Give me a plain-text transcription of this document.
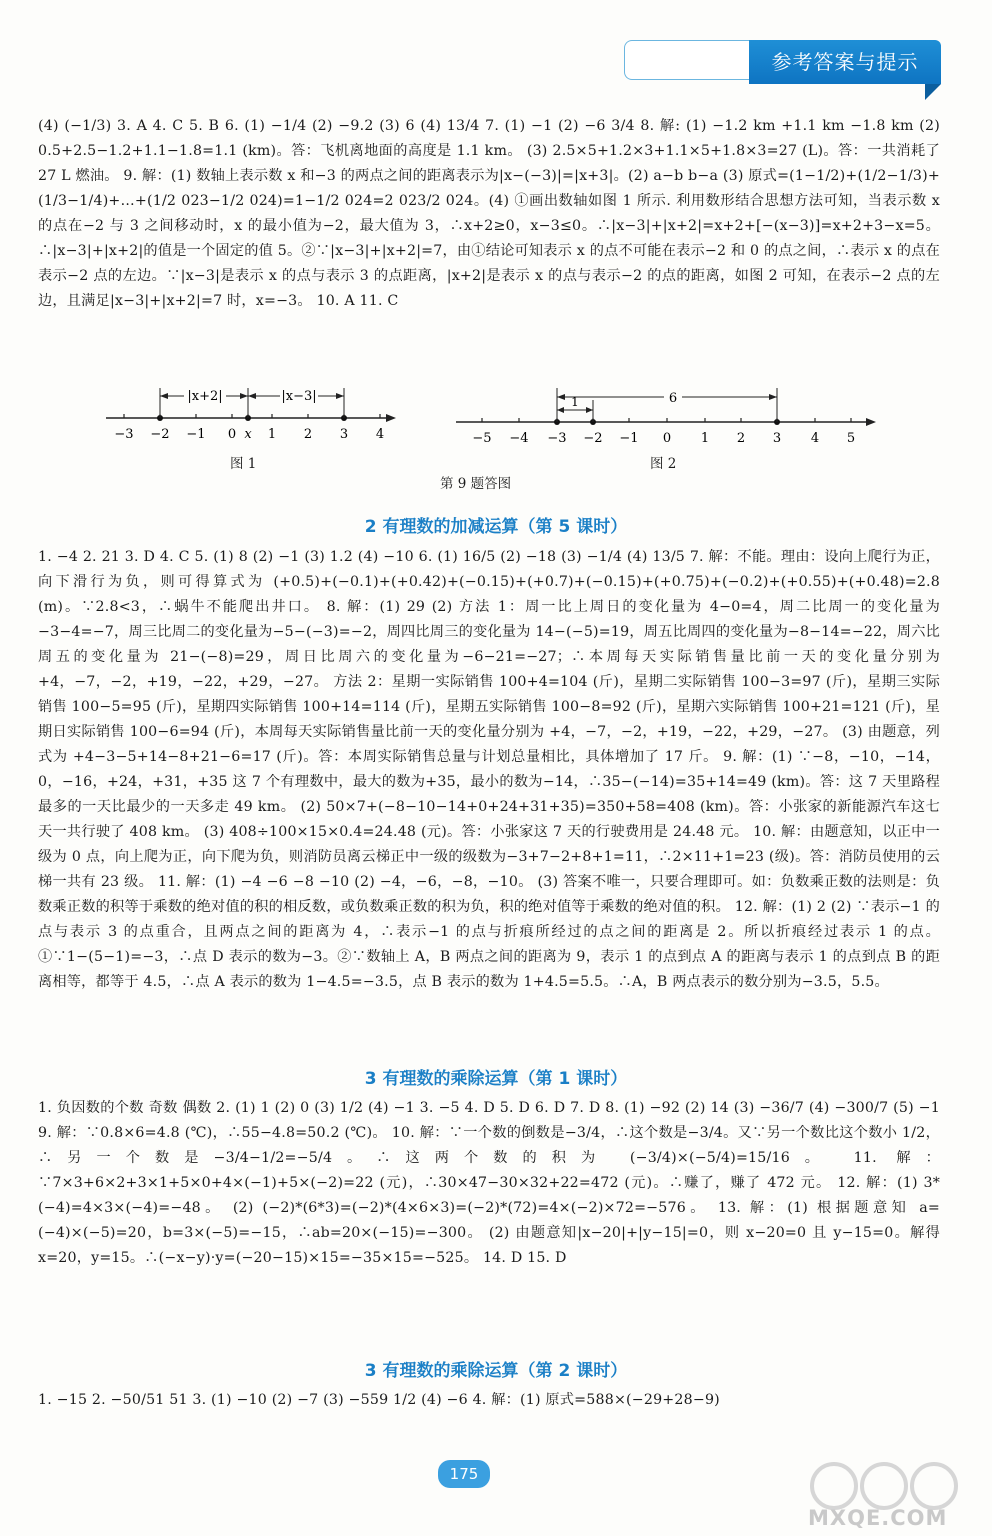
参考答案与提示

(4) (−1/3) 3. A 4. C 5. B 6. (1) −1/4 (2) −9.2 (3) 6 (4) 13/4 7. (1) −1 (2) −6 3/4 8. 解: (1) −1.2 km +1.1 km −1.8 km (2) 0.5+2.5−1.2+1.1−1.8=1.1 (km)。答：飞机离地面的高度是 1.1 km。 (3) 2.5×5+1.2×3+1.1×5+1.8×3=27 (L)。答：一共消耗了 27 L 燃油。 9. 解：(1) 数轴上表示数 x 和−3 的两点之间的距离表示为|x−(−3)|=|x+3|。(2) a−b b−a (3) 原式=(1−1/2)+(1/2−1/3)+(1/3−1/4)+…+(1/2 023−1/2 024)=1−1/2 024=2 023/2 024。(4) ①画出数轴如图 1 所示. 利用数形结合思想方法可知，当表示数 x 的点在−2 与 3 之间移动时，x 的最小值为−2，最大值为 3，∴x+2≥0，x−3≤0。∴|x−3|+|x+2|=x+2+[−(x−3)]=x+2+3−x=5。∴|x−3|+|x+2|的值是一个固定的值 5。②∵|x−3|+|x+2|=7，由①结论可知表示 x 的点不可能在表示−2 和 0 的点之间，∴表示 x 的点在表示−2 点的左边。∵|x−3|是表示 x 的点与表示 3 的点距离，|x+2|是表示 x 的点与表示−2 的点的距离，如图 2 可知，在表示−2 点的左边，且满足|x−3|+|x+2|=7 时，x=−3。 10. A 11. C

−3 −2 −1 0 x 1 2 3 4
|x+2|	|x−3|
−5 −4 −3 −2 −1 0 1 2 3 4 5
6
1
图 1	图 2
第 9 题答图
2 有理数的加减运算（第 5 课时）

1. −4 2. 21 3. D 4. C 5. (1) 8 (2) −1 (3) 1.2 (4) −10 6. (1) 16/5 (2) −18 (3) −1/4 (4) 13/5 7. 解：不能。理由：设向上爬行为正，向下滑行为负，则可得算式为 (+0.5)+(−0.1)+(+0.42)+(−0.15)+(+0.7)+(−0.15)+(+0.75)+(−0.2)+(+0.55)+(+0.48)=2.8 (m)。∵2.8<3，∴蜗牛不能爬出井口。 8. 解：(1) 29 (2) 方法 1：周一比上周日的变化量为 4−0=4，周二比周一的变化量为−3−4=−7，周三比周二的变化量为−5−(−3)=−2，周四比周三的变化量为 14−(−5)=19，周五比周四的变化量为−8−14=−22，周六比周五的变化量为 21−(−8)=29，周日比周六的变化量为−6−21=−27；∴本周每天实际销售量比前一天的变化量分别为 +4，−7，−2，+19，−22，+29，−27。 方法 2：星期一实际销售 100+4=104 (斤)，星期二实际销售 100−3=97 (斤)，星期三实际销售 100−5=95 (斤)，星期四实际销售 100+14=114 (斤)，星期五实际销售 100−8=92 (斤)，星期六实际销售 100+21=121 (斤)，星期日实际销售 100−6=94 (斤)，本周每天实际销售量比前一天的变化量分别为 +4，−7，−2，+19，−22，+29，−27。 (3) 由题意，列式为 +4−3−5+14−8+21−6=17 (斤)。答：本周实际销售总量与计划总量相比，具体增加了 17 斤。 9. 解：(1) ∵−8，−10，−14，0，−16，+24，+31，+35 这 7 个有理数中，最大的数为+35，最小的数为−14，∴35−(−14)=35+14=49 (km)。答：这 7 天里路程最多的一天比最少的一天多走 49 km。 (2) 50×7+(−8−10−14+0+24+31+35)=350+58=408 (km)。答：小张家的新能源汽车这七天一共行驶了 408 km。 (3) 408÷100×15×0.4=24.48 (元)。答：小张家这 7 天的行驶费用是 24.48 元。 10. 解：由题意知，以正中一级为 0 点，向上爬为正，向下爬为负，则消防员离云梯正中一级的级数为−3+7−2+8+1=11，∴2×11+1=23 (级)。答：消防员使用的云梯一共有 23 级。 11. 解：(1) −4 −6 −8 −10 (2) −4，−6，−8，−10。 (3) 答案不唯一，只要合理即可。如：负数乘正数的法则是：负数乘正数的积等于乘数的绝对值的积的相反数，或负数乘正数的积为负，积的绝对值等于乘数的绝对值的积。 12. 解：(1) 2 (2) ∵表示−1 的点与表示 3 的点重合，且两点之间的距离为 4，∴表示−1 的点与折痕所经过的点之间的距离是 2。所以折痕经过表示 1 的点。①∵1−(5−1)=−3，∴点 D 表示的数为−3。②∵数轴上 A，B 两点之间的距离为 9，表示 1 的点到点 A 的距离与表示 1 的点到点 B 的距离相等，都等于 4.5，∴点 A 表示的数为 1−4.5=−3.5，点 B 表示的数为 1+4.5=5.5。∴A，B 两点表示的数分别为−3.5，5.5。

3 有理数的乘除运算（第 1 课时）

1. 负因数的个数 奇数 偶数 2. (1) 1 (2) 0 (3) 1/2 (4) −1 3. −5 4. D 5. D 6. D 7. D 8. (1) −92 (2) 14 (3) −36/7 (4) −300/7 (5) −1 9. 解：∵0.8×6=4.8 (℃)，∴55−4.8=50.2 (℃)。 10. 解：∵一个数的倒数是−3/4，∴这个数是−3/4。又∵另一个数比这个数小 1/2，∴另一个数是−3/4−1/2=−5/4。∴这两个数的积为 (−3/4)×(−5/4)=15/16。 11. 解：∵7×3+6×2+3×1+5×0+4×(−1)+5×(−2)=22 (元)，∴30×47−30×32+22=472 (元)。∴赚了，赚了 472 元。 12. 解：(1) 3*(−4)=4×3×(−4)=−48。 (2) (−2)*(6*3)=(−2)*(4×6×3)=(−2)*(72)=4×(−2)×72=−576。 13. 解：(1) 根据题意知 a=(−4)×(−5)=20，b=3×(−5)=−15，∴ab=20×(−15)=−300。 (2) 由题意知|x−20|+|y−15|=0，则 x−20=0 且 y−15=0。解得 x=20，y=15。∴(−x−y)·y=(−20−15)×15=−35×15=−525。 14. D 15. D

3 有理数的乘除运算（第 2 课时）

1. −15 2. −50/51 51 3. (1) −10 (2) −7 (3) −559 1/2 (4) −6 4. 解：(1) 原式=588×(−29+28−9)

175
MXQE.COM
